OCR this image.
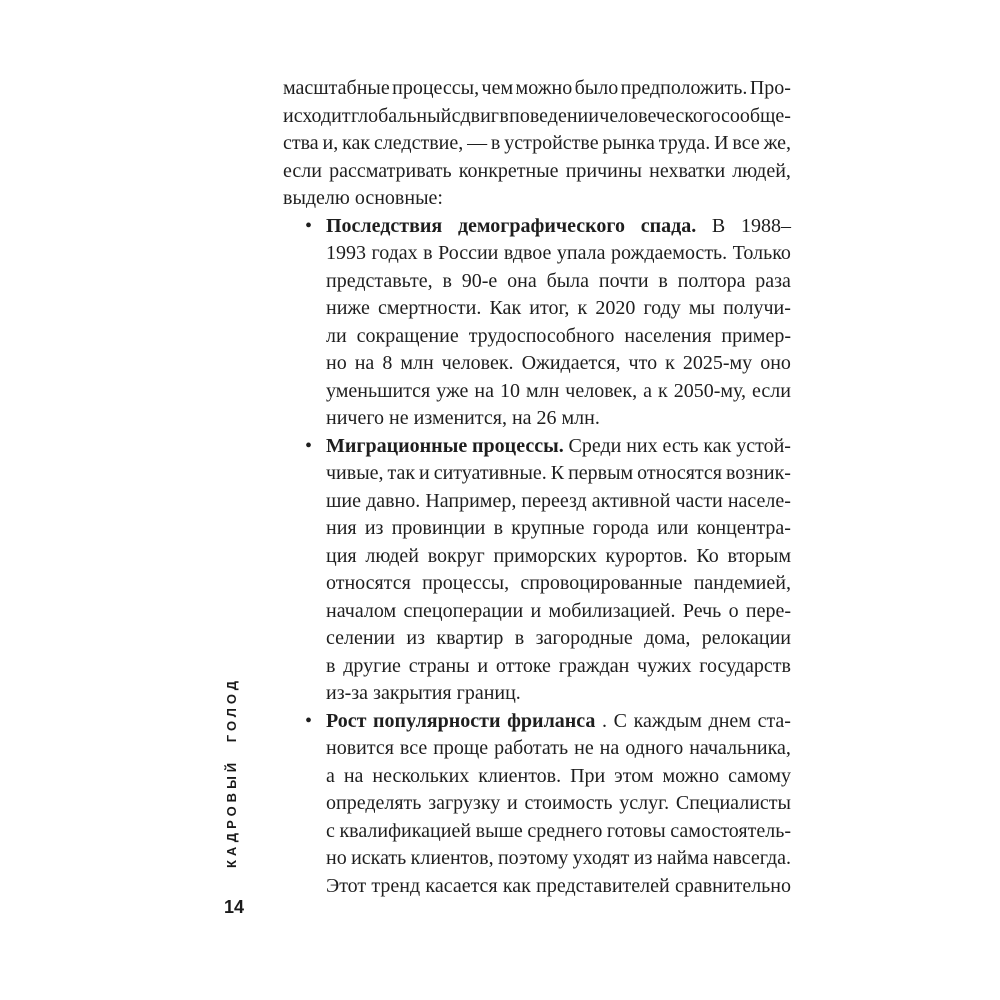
КАДРОВЫЙ ГОЛОД
14
масштабные процессы, чем можно было предположить. Про-
исходит глобальный сдвиг в поведении человеческого сообще-
ства и, как следствие, — в устройстве рынка труда. И все же,
если рассматривать конкретные причины нехватки людей,
выделю основные:
• Последствия демографического спада. В 1988–
1993 годах в России вдвое упала рождаемость. Только
представьте, в 90-е она была почти в полтора раза
ниже смертности. Как итог, к 2020 году мы получи-
ли сокращение трудоспособного населения пример-
но на 8 млн человек. Ожидается, что к 2025-му оно
уменьшится уже на 10 млн человек, а к 2050-му, если
ничего не изменится, на 26 млн.
• Миграционные процессы. Среди них есть как устой-
чивые, так и ситуативные. К первым относятся возник-
шие давно. Например, переезд активной части населе-
ния из провинции в крупные города или концентра-
ция людей вокруг приморских курортов. Ко вторым
относятся процессы, спровоцированные пандемией,
началом спецоперации и мобилизацией. Речь о пере-
селении из квартир в загородные дома, релокации
в другие страны и оттоке граждан чужих государств
из-за закрытия границ.
• Рост популярности фриланса . С каждым днем ста-
новится все проще работать не на одного начальника,
а на нескольких клиентов. При этом можно самому
определять загрузку и стоимость услуг. Специалисты
с квалификацией выше среднего готовы самостоятель-
но искать клиентов, поэтому уходят из найма навсегда.
Этот тренд касается как представителей сравнительно
